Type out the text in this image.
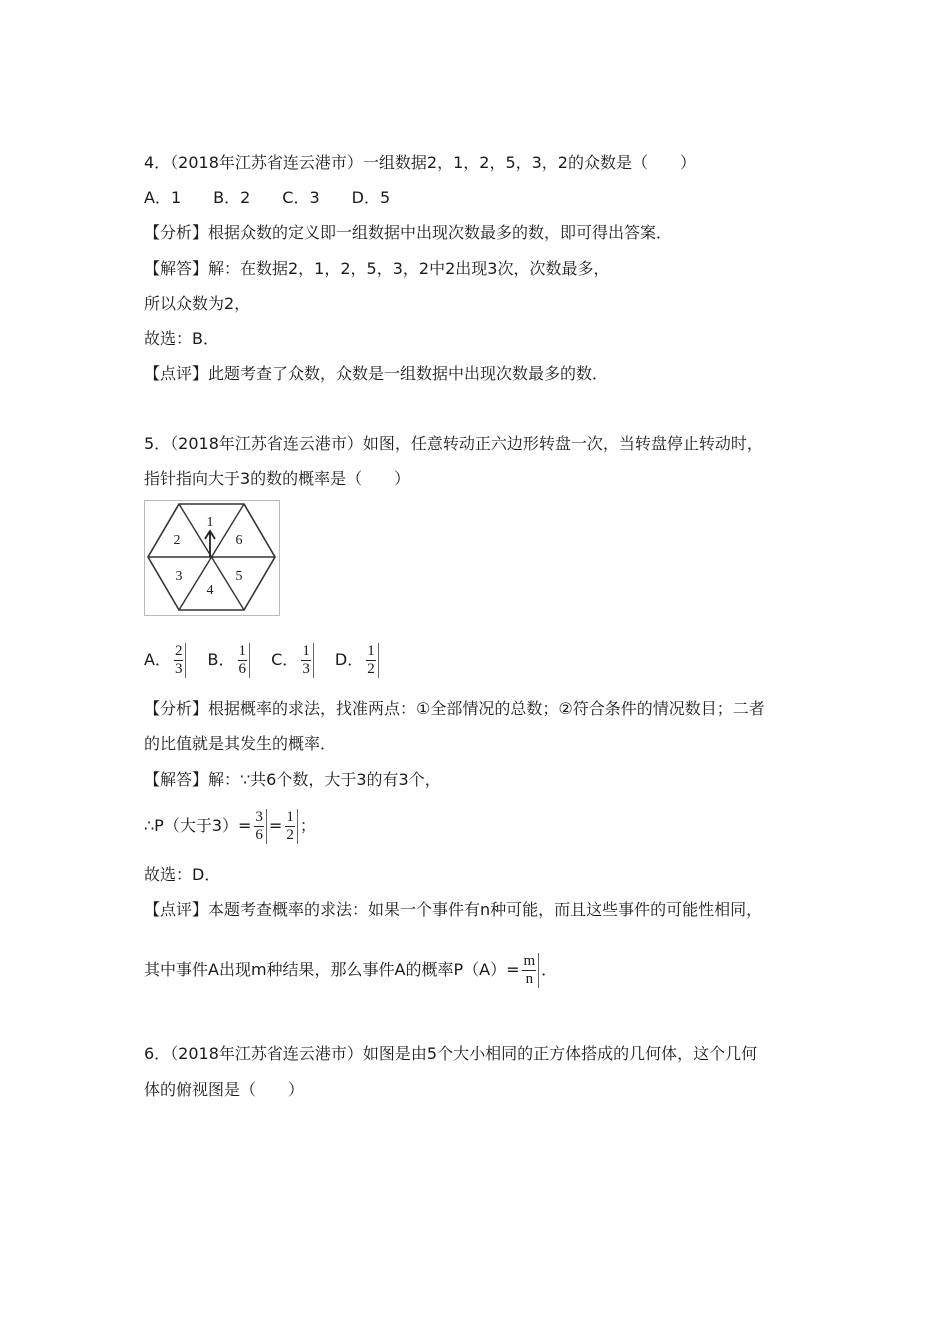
4．（2018年江苏省连云港市）一组数据2，1，2，5，3，2的众数是（　　）
A．1　　B．2　　C．3　　D．5
【分析】根据众数的定义即一组数据中出现次数最多的数，即可得出答案．
【解答】解：在数据2，1，2，5，3，2中2出现3次，次数最多，
所以众数为2，
故选：B．
【点评】此题考查了众数，众数是一组数据中出现次数最多的数．
5．（2018年江苏省连云港市）如图，任意转动正六边形转盘一次，当转盘停止转动时，
指针指向大于3的数的概率是（　　）
1
6
5
4
3
2
A． $\frac{2}{3}$ B． $\frac{1}{6}$ C． $\frac{1}{3}$ D． $\frac{1}{2}$
【分析】根据概率的求法，找准两点：①全部情况的总数；②符合条件的情况数目；二者
的比值就是其发生的概率．
【解答】解：∵共6个数，大于3的有3个，
∴P（大于$3)= \frac{3}{6} = \frac{1}{2}$ ；
故选：D．
【点评】本题考查概率的求法：如果一个事件有n种可能，而且这些事件的可能性相同，
其中事件A出现m种结果，那么事件A的概率$P(A)= \frac{m}{n}$ ．
6．（2018年江苏省连云港市）如图是由5个大小相同的正方体搭成的几何体，这个几何
体的俯视图是（　　）
